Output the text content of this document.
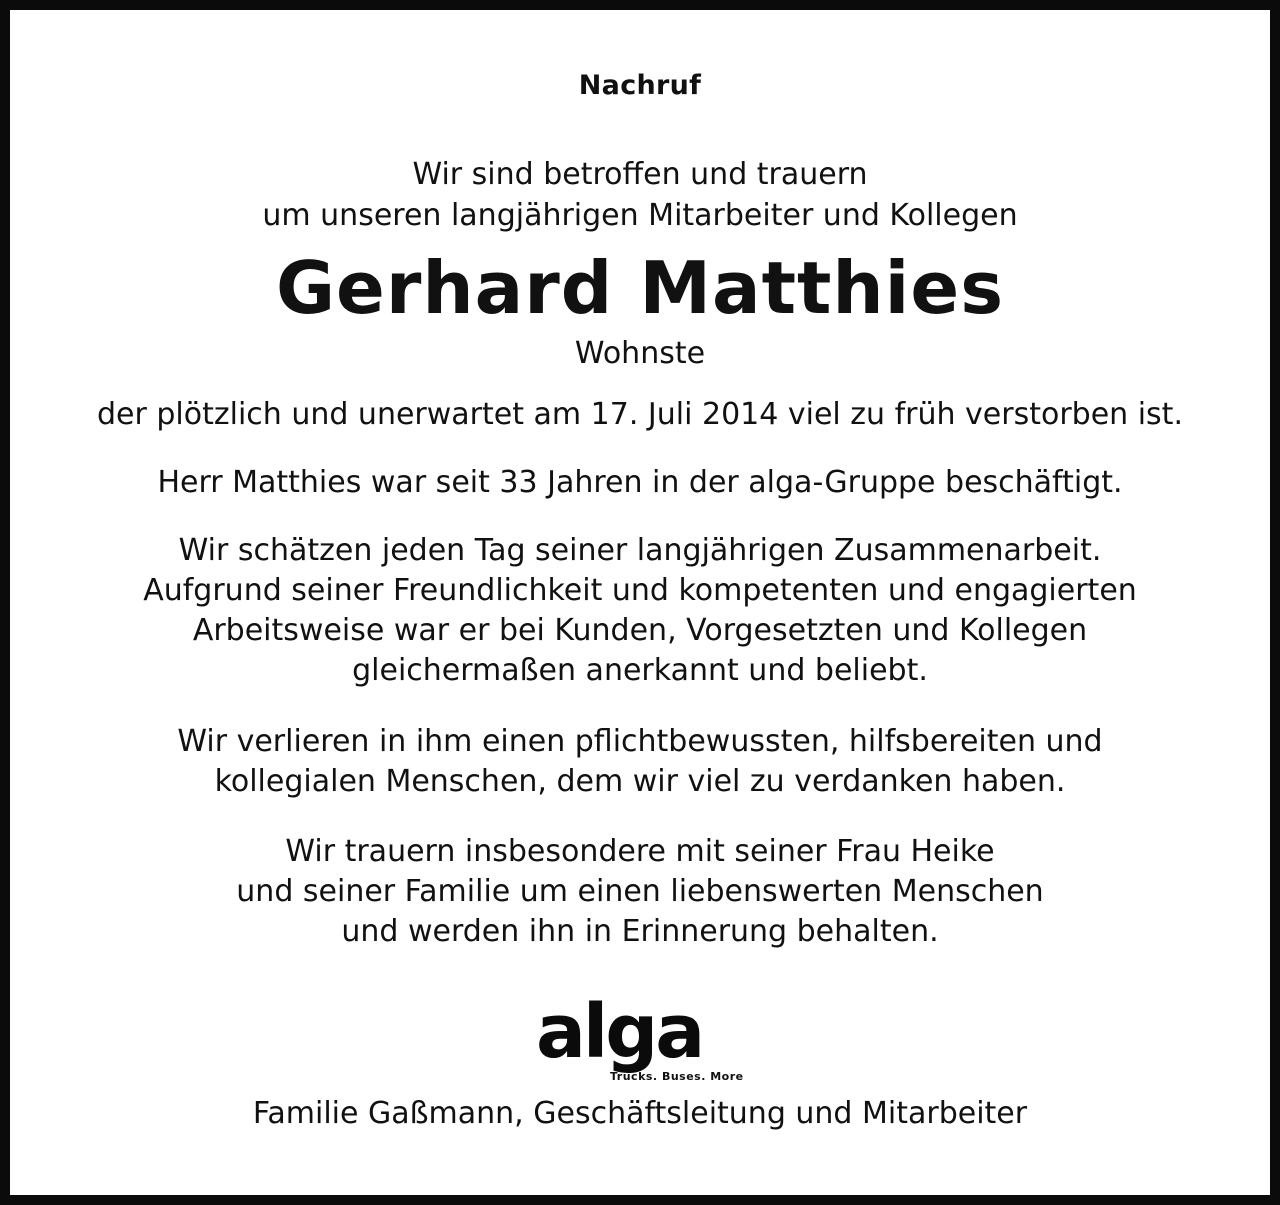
Nachruf

Wir sind betroffen und trauern

um unseren langjährigen Mitarbeiter und Kollegen

Gerhard Matthies

Wohnste

der plötzlich und unerwartet am 17. Juli 2014 viel zu früh verstorben ist.

Herr Matthies war seit 33 Jahren in der alga-Gruppe beschäftigt.

Wir schätzen jeden Tag seiner langjährigen Zusammenarbeit.

Aufgrund seiner Freundlichkeit und kompetenten und engagierten

Arbeitsweise war er bei Kunden, Vorgesetzten und Kollegen

gleichermaßen anerkannt und beliebt.

Wir verlieren in ihm einen pflichtbewussten, hilfsbereiten und

kollegialen Menschen, dem wir viel zu verdanken haben.

Wir trauern insbesondere mit seiner Frau Heike

und seiner Familie um einen liebenswerten Menschen

und werden ihn in Erinnerung behalten.

alga
Trucks. Buses. More

Familie Gaßmann, Geschäftsleitung und Mitarbeiter
